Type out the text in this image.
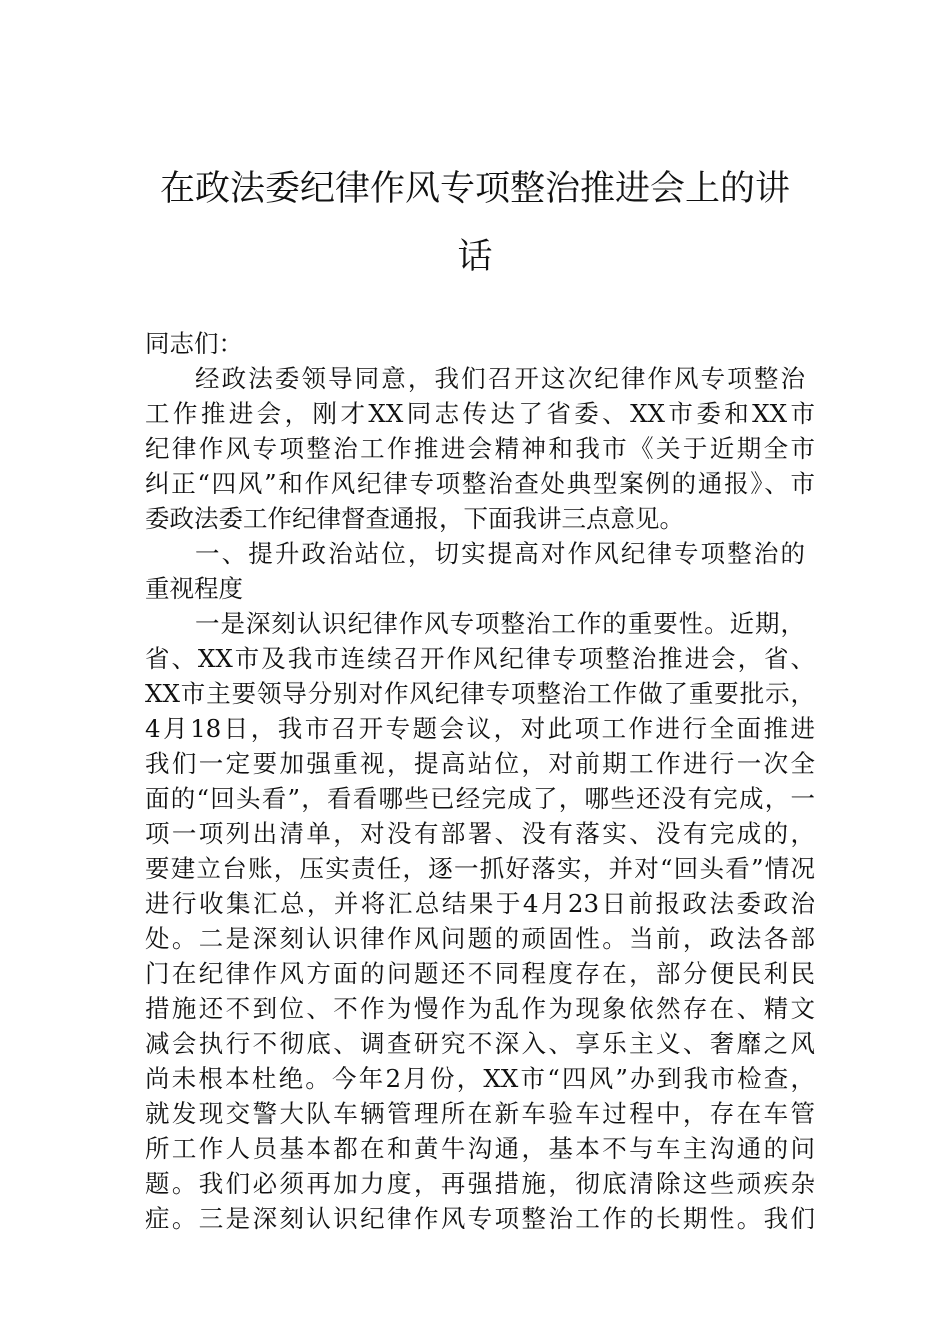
在政法委纪律作风专项整治推进会上的讲
话
同志们：
经政法委领导同意，我们召开这次纪律作风专项整治
工作推进会，刚才XX同志传达了省委、XX市委和XX市
纪律作风专项整治工作推进会精神和我市《关于近期全市
纠正“四风”和作风纪律专项整治查处典型案例的通报》、市
委政法委工作纪律督查通报，下面我讲三点意见。
一、提升政治站位，切实提高对作风纪律专项整治的
重视程度
一是深刻认识纪律作风专项整治工作的重要性。近期，
省、XX市及我市连续召开作风纪律专项整治推进会，省、
XX市主要领导分别对作风纪律专项整治工作做了重要批示，
4月18日，我市召开专题会议，对此项工作进行全面推进
我们一定要加强重视，提高站位，对前期工作进行一次全
面的“回头看”，看看哪些已经完成了，哪些还没有完成，一
项一项列出清单，对没有部署、没有落实、没有完成的，
要建立台账，压实责任，逐一抓好落实，并对“回头看”情况
进行收集汇总，并将汇总结果于4月23日前报政法委政治
处。二是深刻认识律作风问题的顽固性。当前，政法各部
门在纪律作风方面的问题还不同程度存在，部分便民利民
措施还不到位、不作为慢作为乱作为现象依然存在、精文
减会执行不彻底、调查研究不深入、享乐主义、奢靡之风
尚未根本杜绝。今年2月份，XX市“四风”办到我市检查，
就发现交警大队车辆管理所在新车验车过程中，存在车管
所工作人员基本都在和黄牛沟通，基本不与车主沟通的问
题。我们必须再加力度，再强措施，彻底清除这些顽疾杂
症。三是深刻认识纪律作风专项整治工作的长期性。我们
